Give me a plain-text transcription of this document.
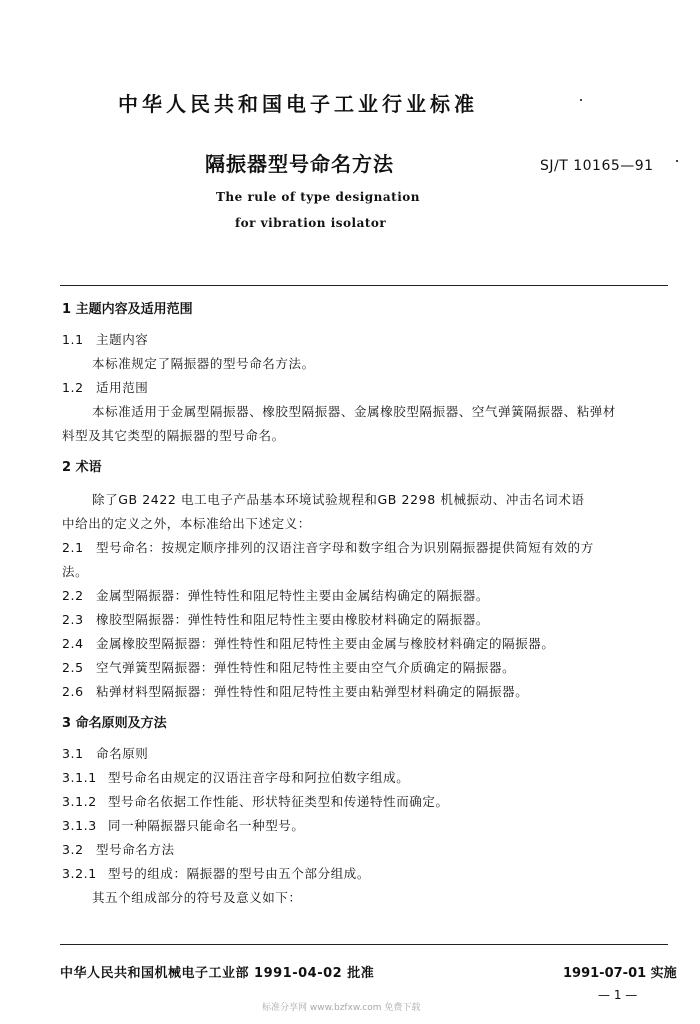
中华人民共和国电子工业行业标准
隔振器型号命名方法	SJ/T 10165—91
The rule of type designation
for vibration isolator
1 主题内容及适用范围
1.1 主题内容
本标准规定了隔振器的型号命名方法。
1.2 适用范围
本标准适用于金属型隔振器、橡胶型隔振器、金属橡胶型隔振器、空气弹簧隔振器、粘弹材
料型及其它类型的隔振器的型号命名。
2 术语
除了GB 2422 电工电子产品基本环境试验规程和GB 2298 机械振动、冲击名词术语
中给出的定义之外，本标准给出下述定义：
2.1 型号命名：按规定顺序排列的汉语注音字母和数字组合为识别隔振器提供简短有效的方
法。
2.2 金属型隔振器：弹性特性和阻尼特性主要由金属结构确定的隔振器。
2.3 橡胶型隔振器：弹性特性和阻尼特性主要由橡胶材料确定的隔振器。
2.4 金属橡胶型隔振器：弹性特性和阻尼特性主要由金属与橡胶材料确定的隔振器。
2.5 空气弹簧型隔振器：弹性特性和阻尼特性主要由空气介质确定的隔振器。
2.6 粘弹材料型隔振器：弹性特性和阻尼特性主要由粘弹型材料确定的隔振器。
3 命名原则及方法
3.1 命名原则
3.1.1 型号命名由规定的汉语注音字母和阿拉伯数字组成。
3.1.2 型号命名依据工作性能、形状特征类型和传递特性而确定。
3.1.3 同一种隔振器只能命名一种型号。
3.2 型号命名方法
3.2.1 型号的组成：隔振器的型号由五个部分组成。
其五个组成部分的符号及意义如下：
中华人民共和国机械电子工业部 1991-04-02 批准	1991-07-01 实施
— 1 —
标准分享网 www.bzfxw.com 免费下载
